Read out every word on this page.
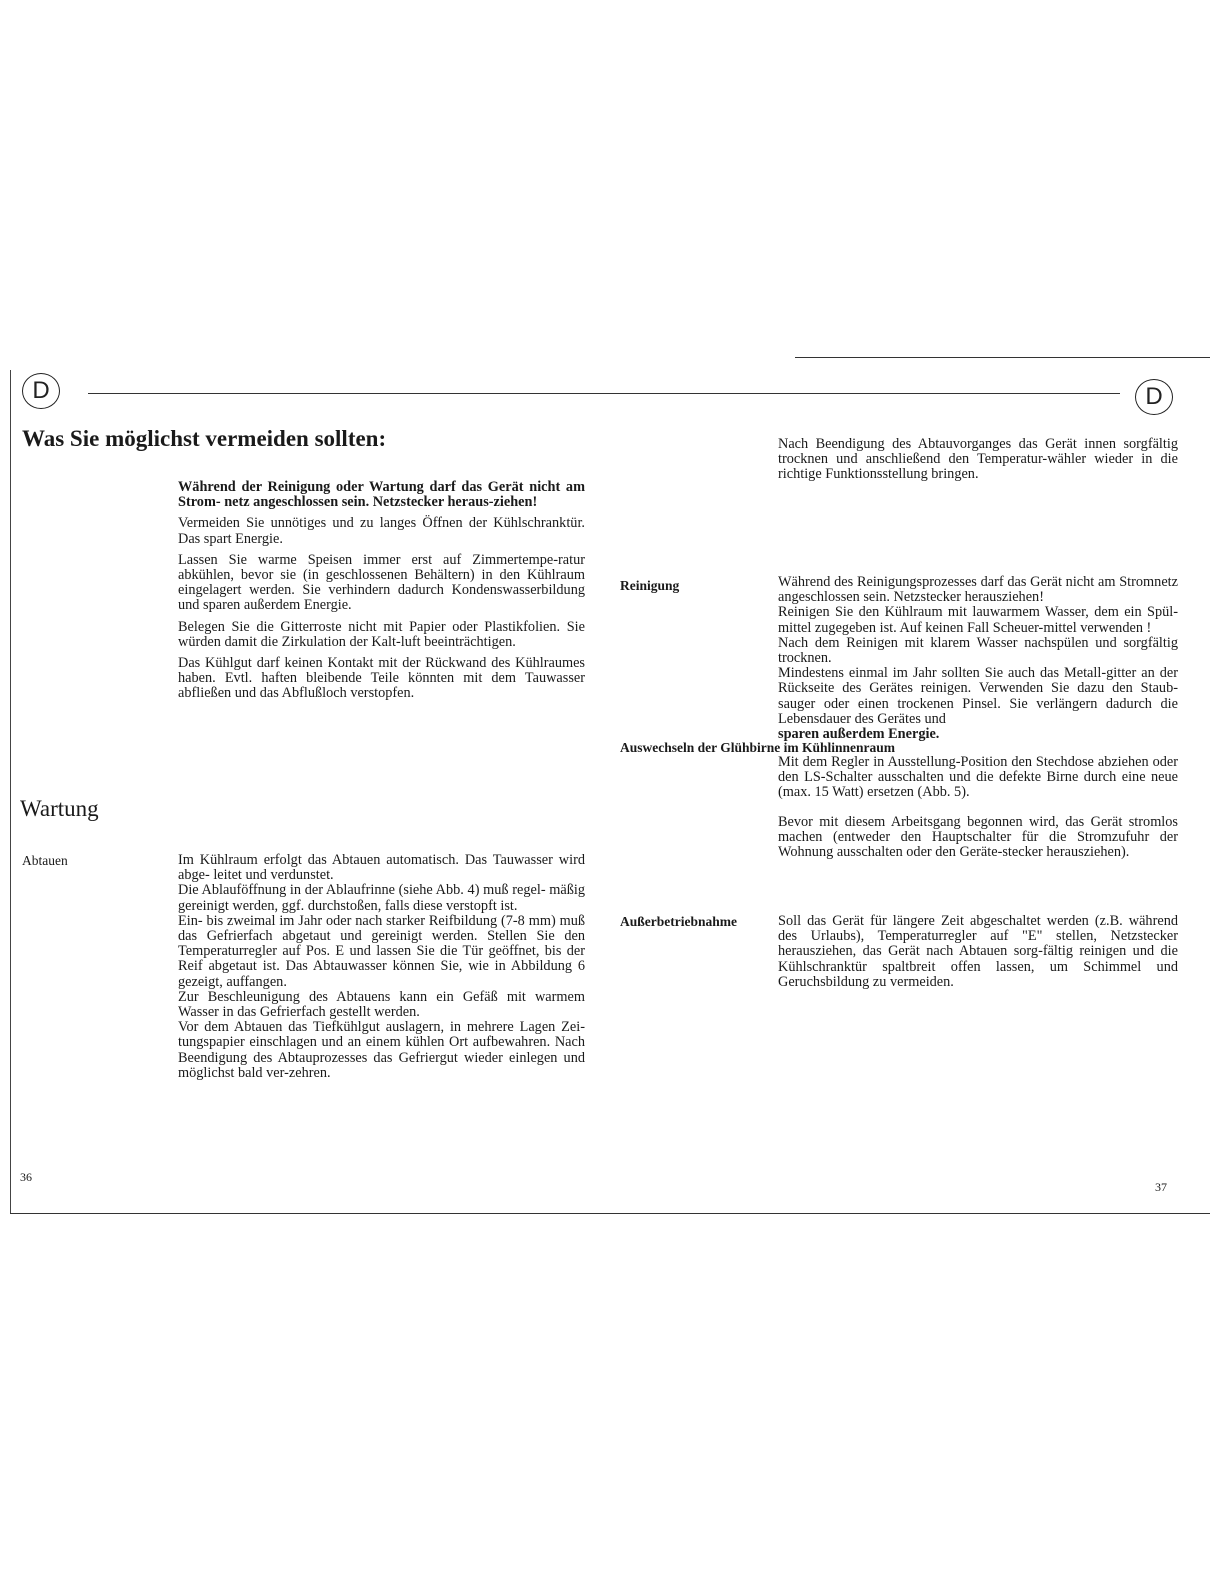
D	D
Was Sie möglichst vermeiden sollten:

Während der Reinigung oder Wartung darf das Gerät nicht am Strom- netz angeschlossen sein. Netzstecker heraus-ziehen!

Vermeiden Sie unnötiges und zu langes Öffnen der Kühlschranktür. Das spart Energie.

Lassen Sie warme Speisen immer erst auf Zimmertempe-ratur abkühlen, bevor sie (in geschlossenen Behältern) in den Kühlraum eingelagert werden. Sie verhindern dadurch Kondenswasserbildung und sparen außerdem Energie.

Belegen Sie die Gitterroste nicht mit Papier oder Plastikfolien. Sie würden damit die Zirkulation der Kalt-luft beeinträchtigen.

Das Kühlgut darf keinen Kontakt mit der Rückwand des Kühlraumes haben. Evtl. haften bleibende Teile könnten mit dem Tauwasser abfließen und das Abflußloch verstopfen.

Wartung
Abtauen	Im Kühlraum erfolgt das Abtauen automatisch. Das Tauwasser wird abge- leitet und verdunstet.

Die Ablauföffnung in der Ablaufrinne (siehe Abb. 4) muß regel- mäßig gereinigt werden, ggf. durchstoßen, falls diese verstopft ist.

Ein- bis zweimal im Jahr oder nach starker Reifbildung (7-8 mm) muß das Gefrierfach abgetaut und gereinigt werden. Stellen Sie den Temperaturregler auf Pos. E und lassen Sie die Tür geöffnet, bis der Reif abgetaut ist. Das Abtauwasser können Sie, wie in Abbildung 6 gezeigt, auffangen.

Zur Beschleunigung des Abtauens kann ein Gefäß mit warmem Wasser in das Gefrierfach gestellt werden.

Vor dem Abtauen das Tiefkühlgut auslagern, in mehrere Lagen Zei- tungspapier einschlagen und an einem kühlen Ort aufbewahren. Nach Beendigung des Abtauprozesses das Gefriergut wieder einlegen und möglichst bald ver-zehren.

36

Nach Beendigung des Abtauvorganges das Gerät innen sorgfältig trocknen und anschließend den Temperatur-wähler wieder in die richtige Funktionsstellung bringen.

Reinigung	Während des Reinigungsprozesses darf das Gerät nicht am Stromnetz angeschlossen sein. Netzstecker herausziehen!

Reinigen Sie den Kühlraum mit lauwarmem Wasser, dem ein Spül- mittel zugegeben ist. Auf keinen Fall Scheuer-mittel verwenden !

Nach dem Reinigen mit klarem Wasser nachspülen und sorgfältig trocknen.

Mindestens einmal im Jahr sollten Sie auch das Metall-gitter an der Rückseite des Gerätes reinigen. Verwenden Sie dazu den Staub- sauger oder einen trockenen Pinsel. Sie verlängern dadurch die Lebensdauer des Gerätes und

sparen außerdem Energie.

Auswechseln der Glühbirne im Kühlinnenraum

Mit dem Regler in Ausstellung-Position den Stechdose abziehen oder den LS-Schalter ausschalten und die defekte Birne durch eine neue (max. 15 Watt) ersetzen (Abb. 5).

Bevor mit diesem Arbeitsgang begonnen wird, das Gerät stromlos machen (entweder den Hauptschalter für die Stromzufuhr der Wohnung ausschalten oder den Geräte-stecker herausziehen).

Außerbetriebnahme	Soll das Gerät für längere Zeit abgeschaltet werden (z.B. während des Urlaubs), Temperaturregler auf "E" stellen, Netzstecker herausziehen, das Gerät nach Abtauen sorg-fältig reinigen und die Kühlschranktür spaltbreit offen lassen, um Schimmel und Geruchsbildung zu vermeiden.

37
